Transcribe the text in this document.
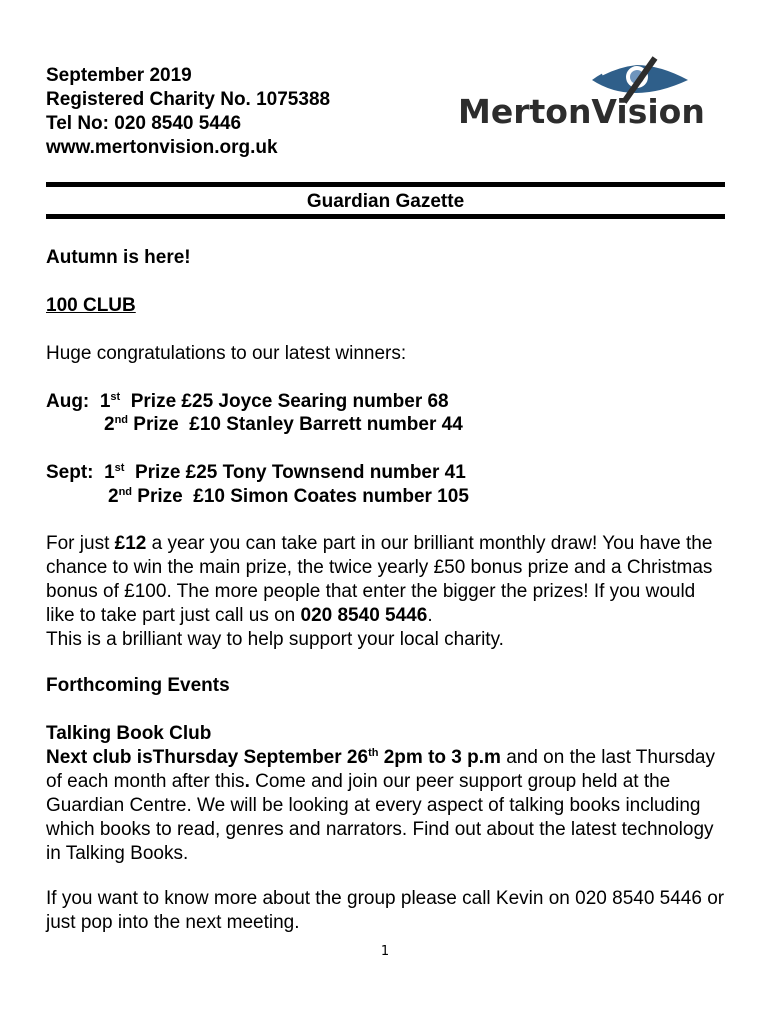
September 2019
Registered Charity No. 1075388
Tel No: 020 8540 5446
www.mertonvision.org.uk
MertonVision
Guardian Gazette
Autumn is here!
100 CLUB
Huge congratulations to our latest winners:
Aug: 1st  Prize £25 Joyce Searing number 68
2nd Prize  £10 Stanley Barrett number 44
Sept: 1st  Prize £25 Tony Townsend number 41
2nd Prize  £10 Simon Coates number 105
For just £12 a year you can take part in our brilliant monthly draw! You have the chance to win the main prize, the twice yearly £50 bonus prize and a Christmas bonus of £100. The more people that enter the bigger the prizes! If you would like to take part just call us on 020 8540 5446.
This is a brilliant way to help support your local charity.
Forthcoming Events
Talking Book Club
Next club isThursday September 26th 2pm to 3 p.m and on the last Thursday of each month after this. Come and join our peer support group held at the Guardian Centre. We will be looking at every aspect of talking books including which books to read, genres and narrators. Find out about the latest technology in Talking Books.
If you want to know more about the group please call Kevin on 020 8540 5446 or just pop into the next meeting.
1
